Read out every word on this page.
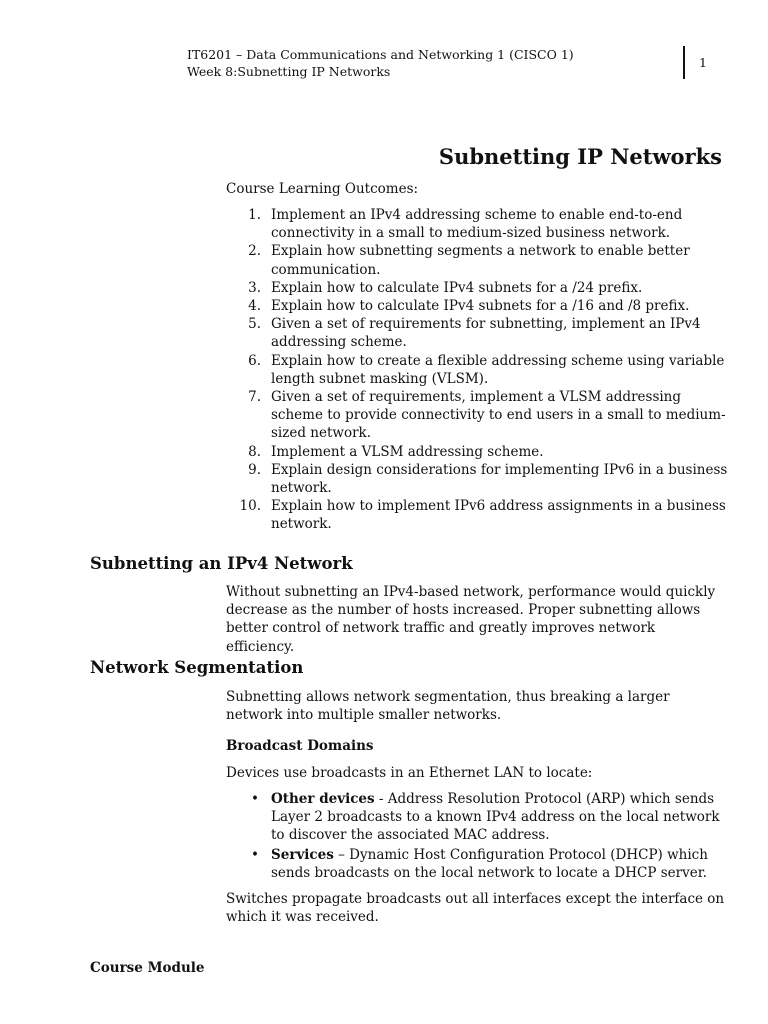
IT6201 – Data Communications and Networking 1 (CISCO 1)
Week 8:Subnetting IP Networks
1
Subnetting IP Networks
Course Learning Outcomes:
1. Implement an IPv4 addressing scheme to enable end-to-end connectivity in a small to medium-sized business network.
2. Explain how subnetting segments a network to enable better communication.
3. Explain how to calculate IPv4 subnets for a /24 prefix.
4. Explain how to calculate IPv4 subnets for a /16 and /8 prefix.
5. Given a set of requirements for subnetting, implement an IPv4 addressing scheme.
6. Explain how to create a flexible addressing scheme using variable length subnet masking (VLSM).
7. Given a set of requirements, implement a VLSM addressing scheme to provide connectivity to end users in a small to medium-sized network.
8. Implement a VLSM addressing scheme.
9. Explain design considerations for implementing IPv6 in a business network.
10. Explain how to implement IPv6 address assignments in a business network.
Subnetting an IPv4 Network

Without subnetting an IPv4-based network, performance would quickly decrease as the number of hosts increased. Proper subnetting allows better control of network traffic and greatly improves network efficiency.

Network Segmentation

Subnetting allows network segmentation, thus breaking a larger network into multiple smaller networks.

Broadcast Domains

Devices use broadcasts in an Ethernet LAN to locate:

• Other devices - Address Resolution Protocol (ARP) which sends Layer 2 broadcasts to a known IPv4 address on the local network to discover the associated MAC address.
• Services – Dynamic Host Configuration Protocol (DHCP) which sends broadcasts on the local network to locate a DHCP server.

Switches propagate broadcasts out all interfaces except the interface on which it was received.

Course Module
